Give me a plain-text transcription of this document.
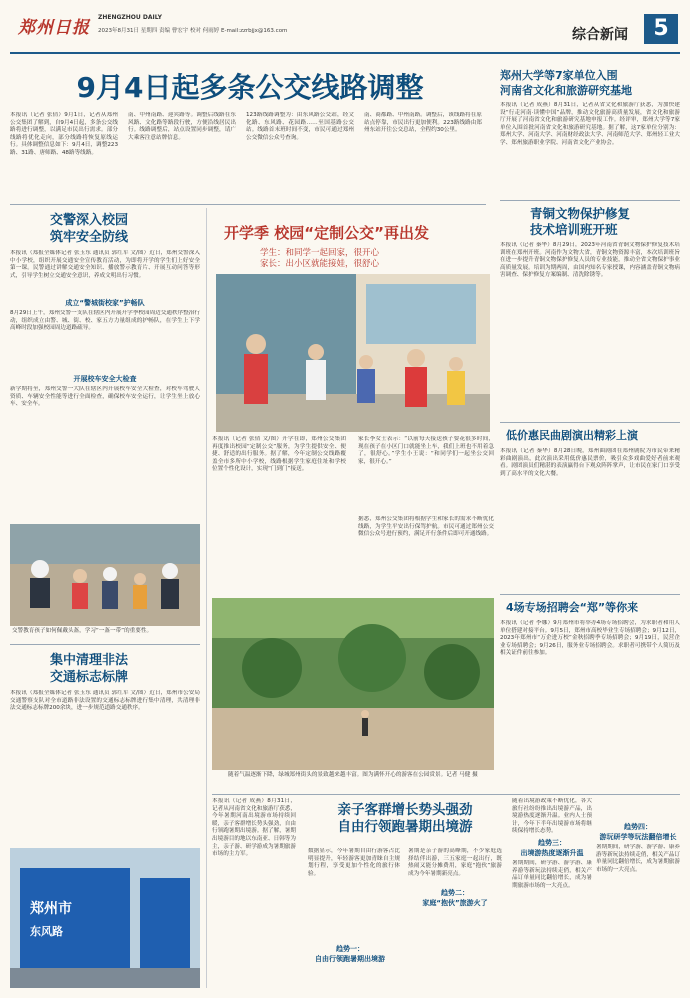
郑州日报
ZHENGZHOU DAILY
2023年8月31日 星期四 责编 曹宏宇 校对 何雨婷 E-mail:zzrbjjx@163.com	综合新闻	5
9月4日起多条公交线路调整
本报讯（记者 张倩）9月1日，记者从郑州公交集团了解到，自9月4日起，多条公交线路将进行调整，以满足市民出行需求。部分线路将优化走向，部分线路将恢复原线运行。具体调整信息如下：9月4日，调整223路、31路、唐师路、48路等线路。
南、中州南路、迎宾路等。调整后线路在东风路、文化路等路段行驶，方便沿线居民出行。线路调整后，站点设置同步调整，请广大乘客注意站牌信息。
123路线路调整为：由东风路公交站，经文化路、东风路、花园路……至国基路公交站。线路首末班时间不变，市民可通过郑州公交微信公众号查询。
南、商都路、中州南路。调整后，该线路将在原站点停靠，市民出行更加便利。223路线路由郑州东站开往公交总站，全程约30公里。
郑州大学等7家单位入围
河南省文化和旅游研究基地
本报讯（记者 成燕）8月31日，记者从省文化和旅游厅获悉，为加快建设“行走河南·读懂中国”品牌，推动文化旅游高质量发展，省文化和旅游厅开展了河南省文化和旅游研究基地申报工作。经评审，郑州大学等7家单位入围首批河南省文化和旅游研究基地。据了解，这7家单位分别为：郑州大学、河南大学、河南财经政法大学、河南师范大学、郑州轻工业大学、郑州旅游职业学院、河南省文化产业协会。
青铜文物保护修复
技术培训班开班
本报讯（记者 秦华）8月29日，2023年河南省青铜文物保护修复技术培训班在郑州开班。河南作为文物大省，青铜文物资源丰富，本次培训班旨在进一步提升青铜文物保护修复人员的专业技能，推动全省文物保护事业高质量发展。培训为期两周，由国内知名专家授课，内容涵盖青铜文物病害调查、保护修复方案编制、清洗除锈等。
低价惠民曲剧演出精彩上演
本报讯（记者 秦华）8月28日晚，郑州曲剧团在郑州剧院为市民带来精彩曲剧演出，此次演出采用低价惠民票价，吸引众多戏曲爱好者前来观看。剧团演员们精湛的表演赢得台下观众阵阵掌声，让市民在家门口享受到了高水平的文化大餐。
4场专场招聘会“郑”等你来
本报讯（记者 李娜）9月郑州市将举办4场专场招聘会，为求职者和用人单位搭建对接平台。9月5日，郑州市高校毕业生专场招聘会；9月12日，2023年郑州市“万企进万校”金秋招聘季专场招聘会；9月19日，民营企业专场招聘会；9月26日，服务业专场招聘会。求职者可携带个人简历及相关证件前往参加。
交警深入校园
筑牢安全防线
本报讯（郑报全媒体记者 张玉东 通讯员 郭红军 文/图）近日，郑州交警深入中小学校，组织开展交通安全宣传教育活动，为即将开学的学生们上好安全第一课。民警通过讲解交通安全知识、播放警示教育片、开展互动问答等形式，引导学生树立交通安全意识，养成文明出行习惯。
成立“警城街校家”护畅队
8月29日上午，郑州交警一支队在辖区内开展开学季校园周边交通秩序整治行动，组织成立由警、城、街、校、家五方力量组成的护畅队，在学生上下学高峰时段加强校园周边道路疏导。
开展校车安全大检查
新学期将至，郑州交警一大队在辖区内开展校车安全大检查，对校车驾驶人资质、车辆安全性能等进行全面检查，确保校车安全运行，让学生坐上放心车、安全车。
交警教育孩子如何佩戴头盔，学习“一盔一带”的重要性。
集中清理非法
交通标志标牌
本报讯（郑报全媒体记者 张玉东 通讯员 郭红军 文/图）近日，郑州市公安局交通警察支队对全市道路非法设置的交通标志标牌进行集中清理，共清理非法交通标志标牌200余块，进一步规范道路交通秩序。
郑州市
东风路
开学季 校园“定制公交”再出发
学生：和同学一起回家，很开心
家长：出小区就能接娃，很舒心
本报讯（记者 张倩 文/图）开学在即，郑州公交集团再度推出校园“定制公交”服务，为学生提供安全、便捷、舒适的出行服务。据了解，今年定制公交线路覆盖全市多所中小学校，线路根据学生家庭住址和学校位置个性化设计，实现“门到门”接送。
家长李女士表示：“以前每天接送孩子要花很多时间，现在孩子在小区门口就能坐上车，我们上班也不用着急了，很舒心。”学生小王说：“和同学们一起坐公交回家，很开心。”
据悉，郑州公交集团将根据学生和家长的需求不断优化线路，为学生平安出行保驾护航。市民可通过郑州公交微信公众号进行预约，满足开行条件后即可开通线路。
随着气温逐渐下降，绿城郑州街头的景致越来越丰富。图为满怀开心的游客在公园赏景。记者 马健 摄
本报讯（记者 成燕）8月31日，记者从河南省文化和旅游厅获悉，今年暑期河南出境游市场持续回暖，亲子客群增长势头强劲，自由行领跑暑期出境游。据了解，暑期出境游目的地以东南亚、日韩等为主，亲子游、研学游成为暑期旅游市场的主力军。
亲子客群增长势头强劲
自由行领跑暑期出境游
数据显示，今年暑期自由行游客占比明显提升，年轻游客更加青睐自主规划行程，享受更加个性化的旅行体验。
趋势二：
家庭“抱伙”旅游火了
暑期是亲子游的高峰期，不少家庭选择结伴出游，三五家庭一起出行，既热闹又能分摊费用，家庭“抱伙”旅游成为今年暑期新亮点。
趋势三：
出境游热度逐渐升温
随着出境游政策不断优化，各大旅行社纷纷推出出境游产品，出境游热度逐渐升温。业内人士预计，今年下半年出境游市场将继续保持增长态势。
暑期期间，研学游、游学游、康养游等新玩法持续走俏，相关产品订单量同比翻倍增长，成为暑期旅游市场的一大亮点。
趋势四：
游玩研学等玩法翻倍增长
暑期期间，研学游、游学游、康养游等新玩法持续走俏，相关产品订单量同比翻倍增长，成为暑期旅游市场的一大亮点。
趋势一：
自由行领跑暑期出境游
